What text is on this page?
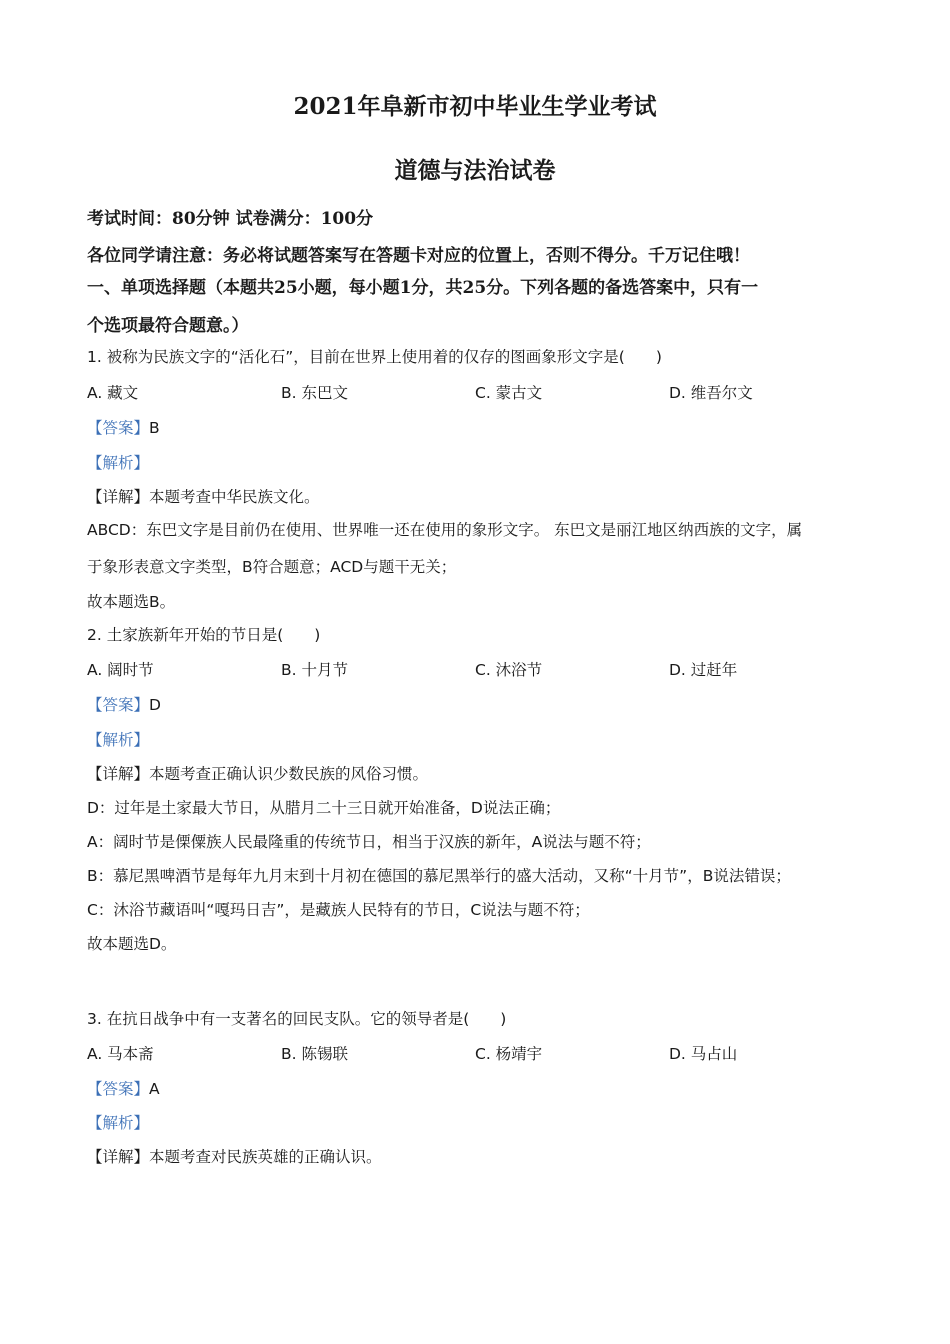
2021年阜新市初中毕业生学业考试
道德与法治试卷
考试时间：80分钟 试卷满分：100分
各位同学请注意：务必将试题答案写在答题卡对应的位置上，否则不得分。千万记住哦！
一、单项选择题（本题共25小题，每小题1分，共25分。下列各题的备选答案中，只有一
个选项最符合题意。）
1. 被称为民族文字的“活化石”，目前在世界上使用着的仅存的图画象形文字是(　　)
A. 藏文	B. 东巴文	C. 蒙古文	D. 维吾尔文
【答案】B
【解析】
【详解】本题考查中华民族文化。
ABCD：东巴文字是目前仍在使用、世界唯一还在使用的象形文字。 东巴文是丽江地区纳西族的文字，属
于象形表意文字类型，B符合题意；ACD与题干无关；
故本题选B。
2. 土家族新年开始的节日是(　　)
A. 阔时节	B. 十月节	C. 沐浴节	D. 过赶年
【答案】D
【解析】
【详解】本题考查正确认识少数民族的风俗习惯。
D：过年是土家最大节日，从腊月二十三日就开始准备，D说法正确；
A：阔时节是傈僳族人民最隆重的传统节日，相当于汉族的新年，A说法与题不符；
B：慕尼黑啤酒节是每年九月末到十月初在德国的慕尼黑举行的盛大活动，又称“十月节”，B说法错误；
C：沐浴节藏语叫“嘎玛日吉”，是藏族人民特有的节日，C说法与题不符；
故本题选D。
3. 在抗日战争中有一支著名的回民支队。它的领导者是(　　)
A. 马本斋	B. 陈锡联	C. 杨靖宇	D. 马占山
【答案】A
【解析】
【详解】本题考查对民族英雄的正确认识。
